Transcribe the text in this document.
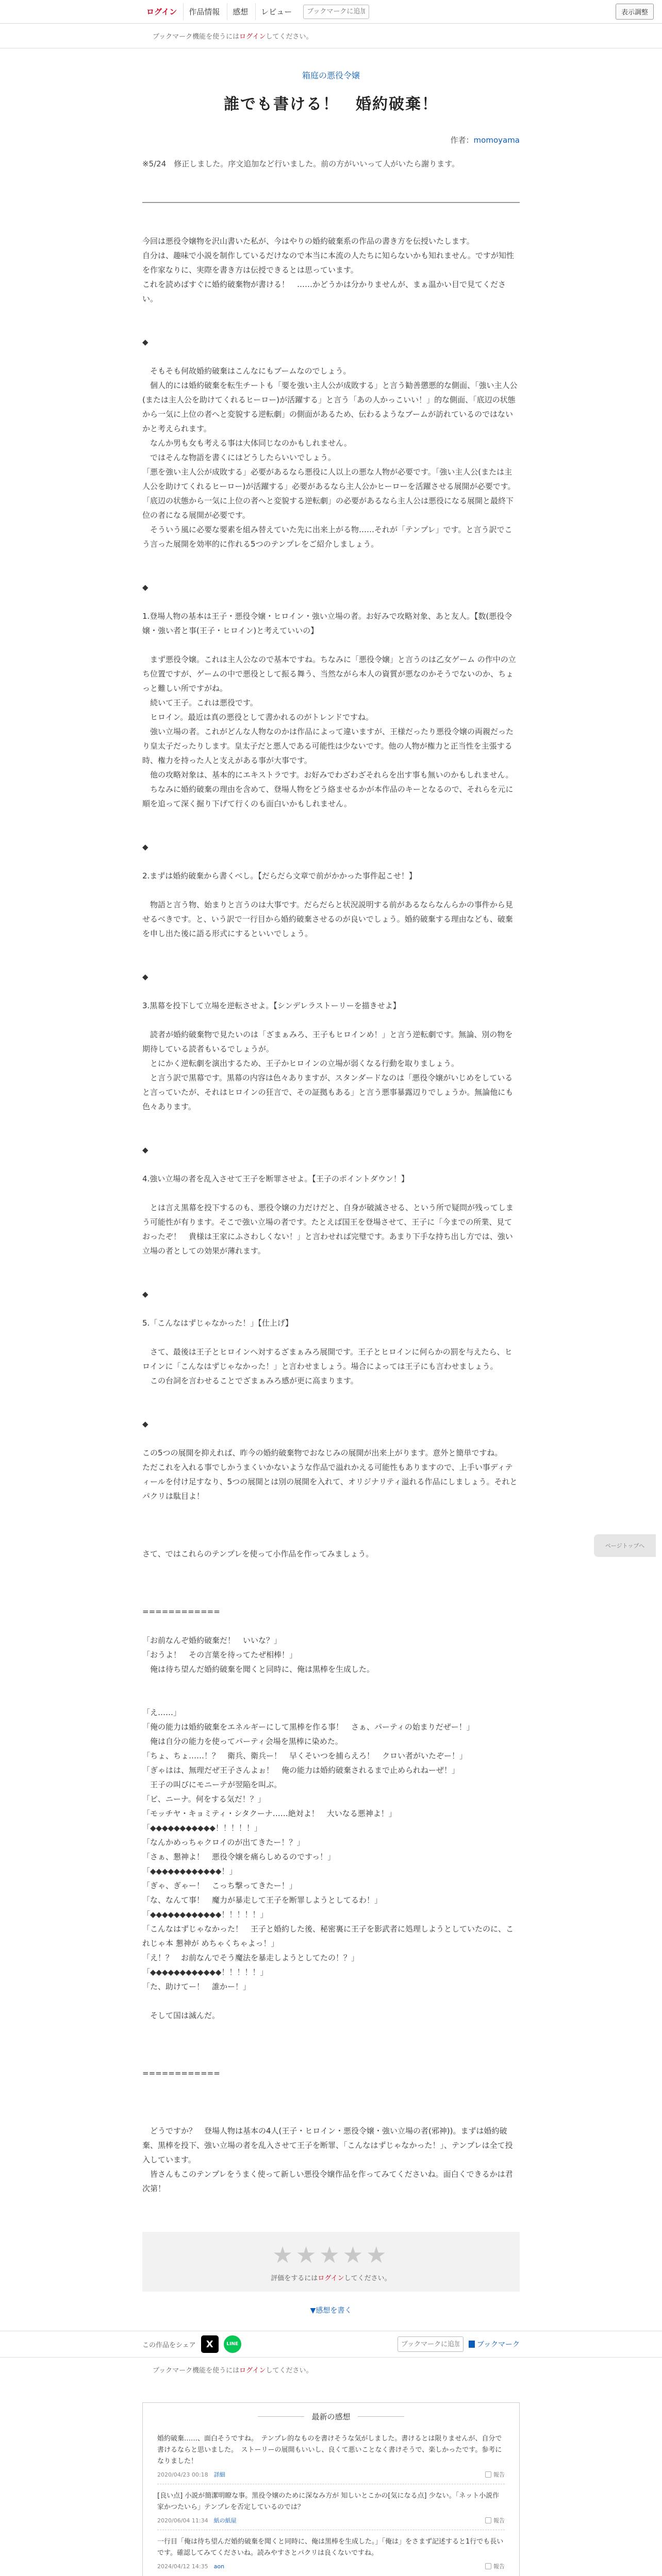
ログイン	作品情報	感想	レビュー
ブックマークに追加	表示調整
ブックマーク機能を使うにはログインしてください。
箱庭の悪役令嬢
誰でも書ける！　婚約破棄！
作者：momoyama
※5/24　修正しました。序文追加など行いました。前の方がいいって人がいたら謝ります。

今回は悪役令嬢物を沢山書いた私が、今はやりの婚約破棄系の作品の書き方を伝授いたします。

自分は、趣味で小説を制作しているだけなので本当に本流の人たちに知らないかも知れません。ですが知性を作家なりに、実際を書き方は伝授できるとは思っています。

これを読めばすぐに婚約破棄物が書ける！　……かどうかは分かりませんが、まぁ温かい目で見てください。

◆

　そもそも何故婚約破棄はこんなにもブームなのでしょう。

　個人的には婚約破棄を転生チートも「要を強い主人公が成敗する」と言う勧善懲悪的な側面、「強い主人公(または主人公を助けてくれるヒーロー)が活躍する」と言う「あの人かっこいい！」的な側面、「底辺の状態から一気に上位の者へと変貌する逆転劇」の側面があるため、伝わるようなブームが訪れているのではないかと考えられます。

　なんか男も女も考える事は大体同じなのかもしれません。

　ではそんな物語を書くにはどうしたらいいでしょう。

「悪を強い主人公が成敗する」必要があるなら悪役に人以上の悪な人物が必要です。「強い主人公(または主人公を助けてくれるヒーロー)が活躍する」必要があるなら主人公かヒーローを活躍させる展開が必要です。「底辺の状態から一気に上位の者へと変貌する逆転劇」の必要があるなら主人公は悪役になる展開と最終下位の者になる展開が必要です。

　そういう風に必要な要素を組み替えていた先に出来上がる物……それが「テンプレ」です。と言う訳でこう言った展開を効率的に作れる5つのテンプレをご紹介しましょう。

◆

1.登場人物の基本は王子・悪役令嬢・ヒロイン・強い立場の者。お好みで攻略対象、あと友人。【数(悪役令嬢・強い者と事(王子・ヒロイン)と考えていいの】

　まず悪役令嬢。これは主人公なので基本ですね。ちなみに「悪役令嬢」と言うのは乙女ゲーム の作中の立ち位置ですが、ゲームの中で悪役として振る舞う、当然ながら本人の資質が悪なのかそうでないのか、ちょっと難しい所ですがね。

　続いて王子。これは悪役です。

　ヒロイン。最近は真の悪役として書かれるのがトレンドですね。

　強い立場の者。これがどんな人物なのかは作品によって違いますが、王様だったり悪役令嬢の両親だったり皇太子だったりします。皇太子だと悪人である可能性は少ないです。他の人物が権力と正当性を主張する時、権力を持った人と支えがある事が大事です。

　他の攻略対象は、基本的にエキストラです。お好みでわざわざそれらを出す事も無いのかもしれません。

　ちなみに婚約破棄の理由を含めて、登場人物をどう絡ませるかが本作品のキーとなるので、それらを元に順を追って深く掘り下げて行くのも面白いかもしれません。

◆

2.まずは婚約破棄から書くべし。【だらだら文章で前がかかった事件起こせ！】

　物語と言う物、始まりと言うのは大事です。だらだらと状況説明する前があるならなんらかの事件から見せるべきです。と、いう訳で一行目から婚約破棄させるのが良いでしょう。婚約破棄する理由なども、破棄を申し出た後に語る形式にするといいでしょう。

◆

3.黒幕を投下して立場を逆転させよ。【シンデレラストーリーを描きせよ】

　読者が婚約破棄物で見たいのは「ざまぁみろ、王子もヒロインめ！」と言う逆転劇です。無論、別の物を期待している読者もいるでしょうが。

　とにかく逆転劇を演出するため、王子かヒロインの立場が弱くなる行動を取りましょう。

　と言う訳で黒幕です。黒幕の内容は色々ありますが、スタンダードなのは「悪役令嬢がいじめをしていると言っていたが、それはヒロインの狂言で、その証拠もある」と言う悪事暴露辺りでしょうか。無論他にも色々あります。

◆

4.強い立場の者を乱入させて王子を断罪させよ。【王子のポイントダウン！】

　とは言え黒幕を投下するのも、悪役令嬢の力だけだと、自身が破滅させる、という所で疑問が残ってしまう可能性が有ります。そこで強い立場の者です。たとえば国王を登場させて、王子に「今までの所業、見ておったぞ！　貴様は王家にふさわしくない！」と言わせれば完璧です。あまり下手な持ち出し方では、強い立場の者としての効果が薄れます。

◆

5.「こんなはずじゃなかった！」【仕上げ】

　さて、最後は王子とヒロインへ対するざまぁみろ展開です。王子とヒロインに何らかの罰を与えたら、ヒロインに「こんなはずじゃなかった！」と言わせましょう。場合によっては王子にも言わせましょう。

　この台詞を言わせることでざまぁみろ感が更に高まります。

◆

この5つの展開を抑えれば、昨今の婚約破棄物でおなじみの展開が出来上がります。意外と簡単ですね。

ただこれを入れる事でしかうまくいかないような作品で溢れかえる可能性もありますので、上手い事ディティールを付け足すなり、5つの展開とは別の展開を入れて、オリジナリティ溢れる作品にしましょう。それとパクリは駄目よ！

さて、ではこれらのテンプレを使って小作品を作ってみましょう。

============

「お前なんぞ婚約破棄だ！　いいな？」

「おうよ！　その言葉を待ってたぜ相棒！」

　俺は待ち望んだ婚約破棄を聞くと同時に、俺は黒棒を生成した。

「え……」

「俺の能力は婚約破棄をエネルギーにして黒棒を作る事！　さぁ、パーティの始まりだぜー！」

　俺は自分の能力を使ってパーティ会場を黒棒に染めた。

「ちょ、ちょ……！？　衛兵、衛兵ー！　早くそいつを捕らえろ！　クロい者がいたぞー！」

「ぎゃはは、無理だぜ王子さんよぉ！　俺の能力は婚約破棄されるまで止められねーぜ！」

　王子の叫びにモニーテが翌陥を叫ぶ。

「ピ、ニーナ。何をする気だ！？」

「モッチヤ・キョミティ・シタクーナ……絶対よ！　大いなる悪神よ！」

「◆◆◆◆◆◆◆◆◆◆◆！！！！！」

「なんかめっちゃクロイのが出てきたー！？」

「さぁ、懇神よ！　悪役令嬢を痛らしめるのですっ！」

「◆◆◆◆◆◆◆◆◆◆◆◆！」

「ぎゃ、ぎゃー！　こっち撃ってきたー！」

「な、なんて事！　魔力が暴走して王子を断罪しようとしてるわ！」

「◆◆◆◆◆◆◆◆◆◆◆◆！！！！！」

「こんなはずじゃなかった！　王子と婚約した後、秘密裏に王子を影武者に処理しようとしていたのに、こ れじゃ本 懇神が めちゃくちゃよっ！」

「え！？　お前なんでそう魔法を暴走しようとしてたの！？」

「◆◆◆◆◆◆◆◆◆◆◆◆！！！！！」

「た、助けてー！　誰かー！」

　そして国は滅んだ。

============

　どうですか？　登場人物は基本の4人(王子・ヒロイン・悪役令嬢・強い立場の者(邪神))。まずは婚約破棄、黒棒を投下、強い立場の者を乱入させて王子を断罪、「こんなはずじゃなかった！」、テンプレは全て投入しています。

　皆さんもこのテンプレをうまく使って新しい悪役令嬢作品を作ってみてくださいね。面白くできるかは君次第！

★★★★★
評価をするにはログインしてください。
▼感想を書く
この作品をシェア	X	LINE
ブックマークに追加	ブックマーク
ブックマーク機能を使うにはログインしてください。
最新の感想
婚約破棄……、面白そうですね。　テンプレ的なものを書けそうな気がしました。書けるとは限りませんが、自分で書けるならと思いました。　ストーリーの展開もいいし、良くて悪いことなく書けそうで、楽しかったです。参考になりました！
2020/04/23 00:18　 詳細	報告
[良い点] 小説が簡潔明瞭な事。黒役令嬢のために深なみ方が 知しいとこかの[気になる点] 少ない。「ネット小説作家かつたいら」テンプレを否定しているのでは？
2020/06/04 11:34　 紙の紙屋	報告
一行目「俺は待ち望んだ婚約破棄を聞くと同時に、俺は黒棒を生成した。」「俺は」をさまず記述すると1行でも長いです。確認してみてくださいね。読みやすさとパクリは良くないですね。
2024/04/12 14:35　 aon	報告
ページトップへ
